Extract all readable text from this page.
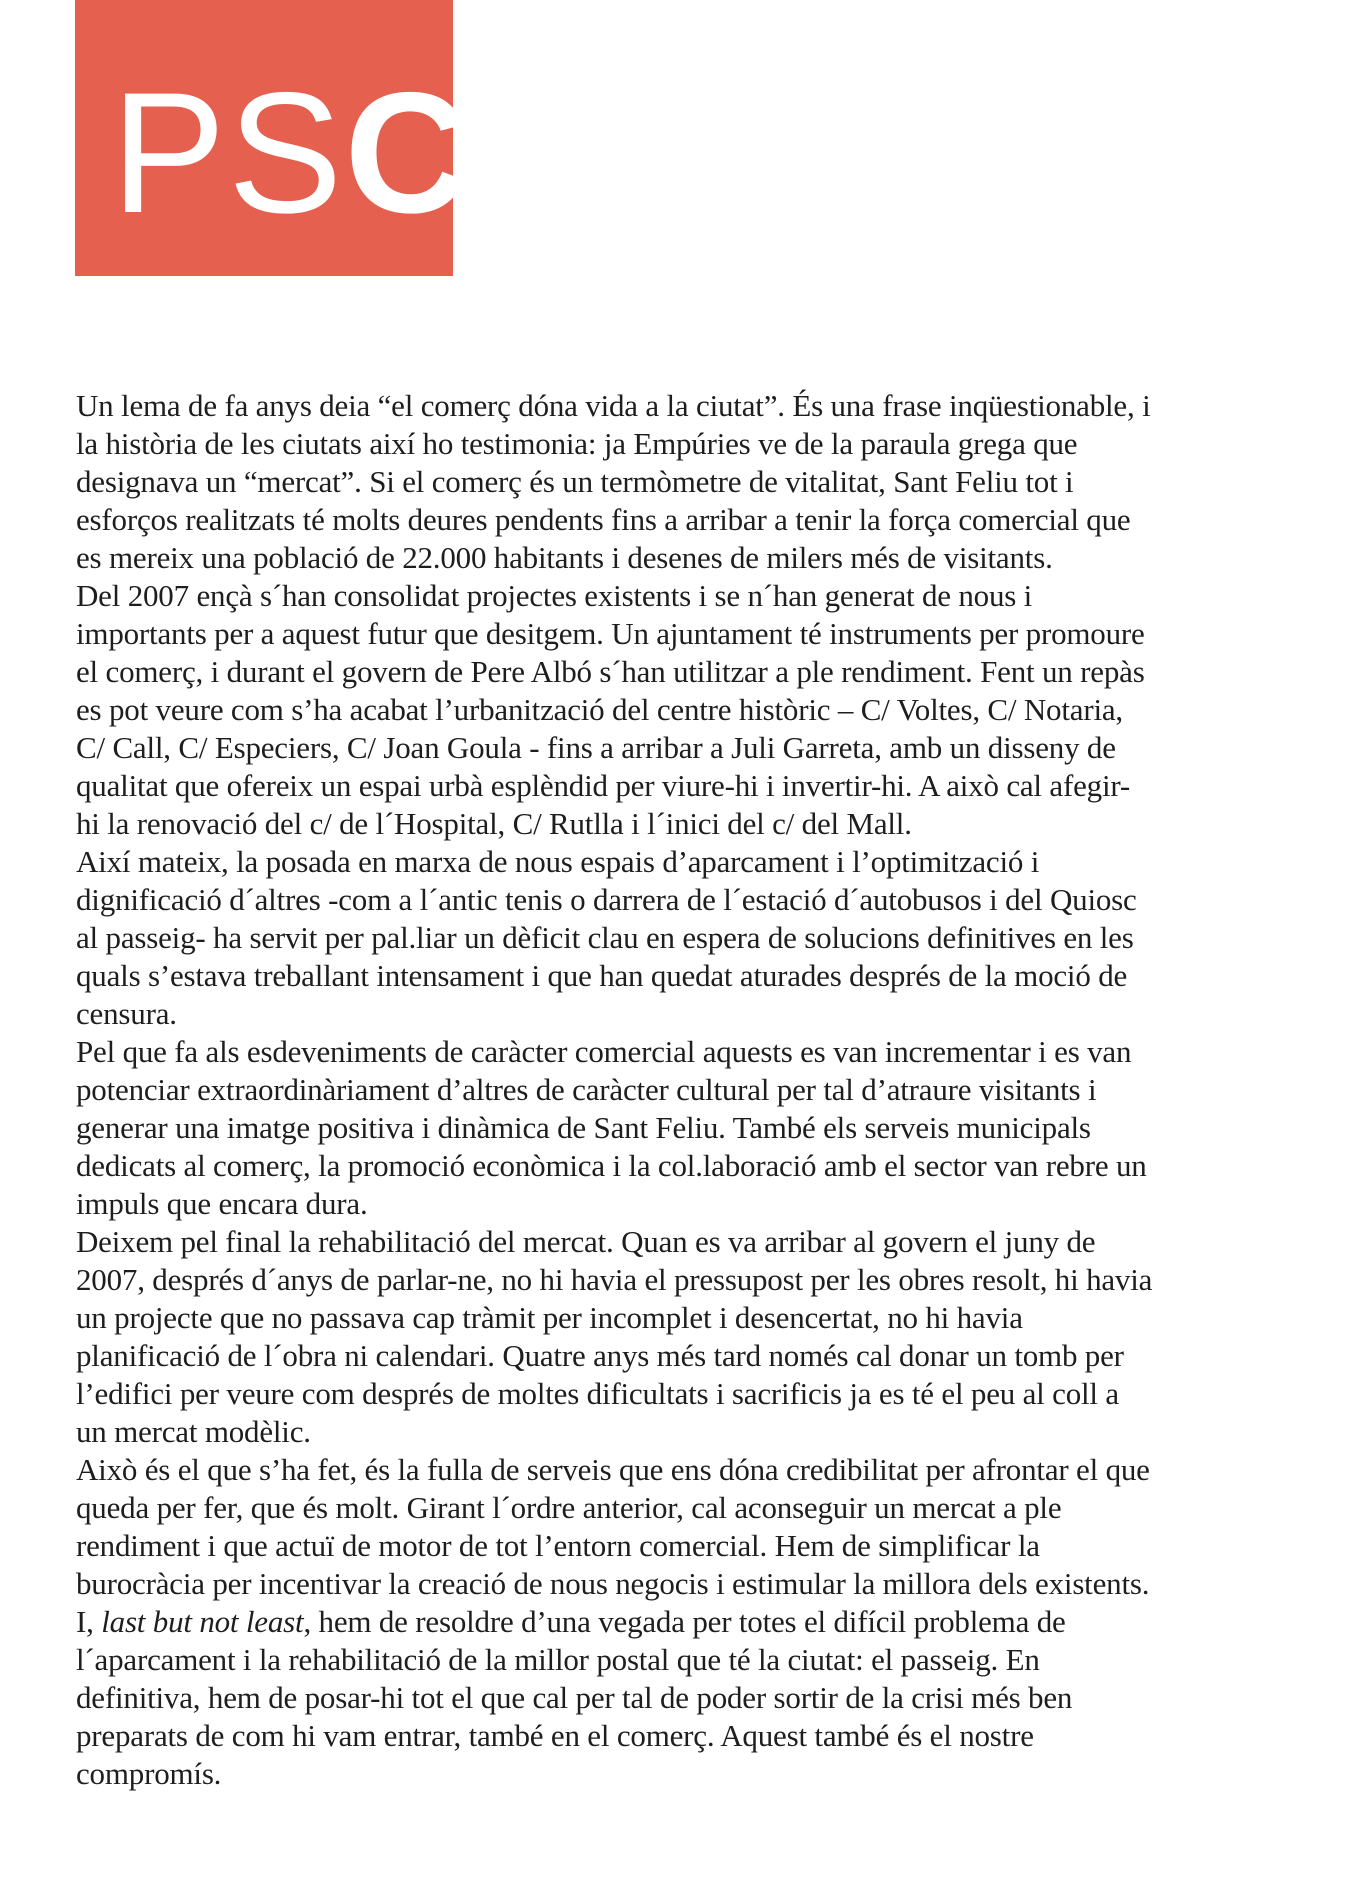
PSC
Un lema de fa anys deia “el comerç dóna vida a la ciutat”. És una frase inqüestionable, i
la història de les ciutats així ho testimonia: ja Empúries ve de la paraula grega que
designava un “mercat”. Si el comerç és un termòmetre de vitalitat, Sant Feliu tot i
esforços realitzats té molts deures pendents fins a arribar a tenir la força comercial que
es mereix una població de 22.000 habitants i desenes de milers més de visitants.
Del 2007 ençà s´han consolidat projectes existents i se n´han generat de nous i
importants per a aquest futur que desitgem. Un ajuntament té instruments per promoure
el comerç, i durant el govern de Pere Albó s´han utilitzar a ple rendiment. Fent un repàs
es pot veure com s’ha acabat l’urbanització del centre històric – C/ Voltes, C/ Notaria,
C/ Call, C/ Especiers, C/ Joan Goula - fins a arribar a Juli Garreta, amb un disseny de
qualitat que ofereix un espai urbà esplèndid per viure-hi i invertir-hi. A això cal afegir-
hi la renovació del c/ de l´Hospital, C/ Rutlla i l´inici del c/ del Mall.
Així mateix, la posada en marxa de nous espais d’aparcament i l’optimització i
dignificació d´altres -com a l´antic tenis o darrera de l´estació d´autobusos i del Quiosc
al passeig- ha servit per pal.liar un dèficit clau en espera de solucions definitives en les
quals s’estava treballant intensament i que han quedat aturades després de la moció de
censura.
Pel que fa als esdeveniments de caràcter comercial aquests es van incrementar i es van
potenciar extraordinàriament d’altres de caràcter cultural per tal d’atraure visitants i
generar una imatge positiva i dinàmica de Sant Feliu. També els serveis municipals
dedicats al comerç, la promoció econòmica i la col.laboració amb el sector van rebre un
impuls que encara dura.
Deixem pel final la rehabilitació del mercat. Quan es va arribar al govern el juny de
2007, després d´anys de parlar-ne, no hi havia el pressupost per les obres resolt, hi havia
un projecte que no passava cap tràmit per incomplet i desencertat, no hi havia
planificació de l´obra ni calendari. Quatre anys més tard només cal donar un tomb per
l’edifici per veure com després de moltes dificultats i sacrificis ja es té el peu al coll a
un mercat modèlic.
Això és el que s’ha fet, és la fulla de serveis que ens dóna credibilitat per afrontar el que
queda per fer, que és molt. Girant l´ordre anterior, cal aconseguir un mercat a ple
rendiment i que actuï de motor de tot l’entorn comercial. Hem de simplificar la
burocràcia per incentivar la creació de nous negocis i estimular la millora dels existents.
I, last but not least, hem de resoldre d’una vegada per totes el difícil problema de
l´aparcament i la rehabilitació de la millor postal que té la ciutat: el passeig. En
definitiva, hem de posar-hi tot el que cal per tal de poder sortir de la crisi més ben
preparats de com hi vam entrar, també en el comerç. Aquest també és el nostre
compromís.
